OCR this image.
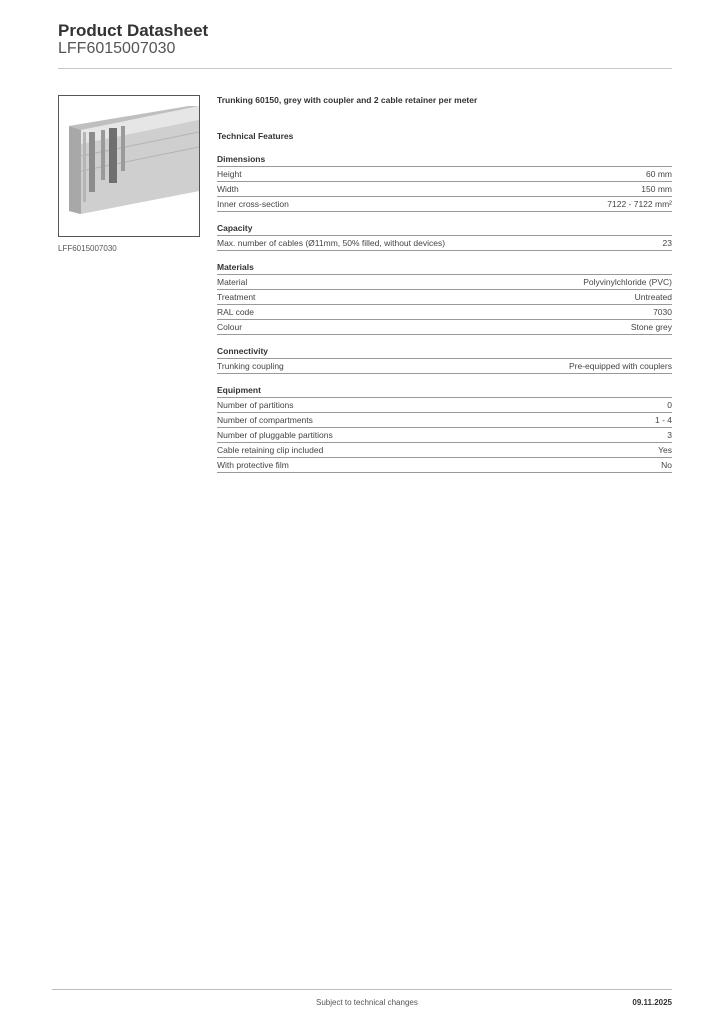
Product Datasheet
LFF6015007030
LFF6015007030

Trunking 60150, grey with coupler and 2 cable retainer per meter

Technical Features

Dimensions
Height	60 mm
Width	150 mm
Inner cross-section	7122 - 7122 mm²
Capacity
Max. number of cables (Ø11mm, 50% filled, without devices)	23
Materials
Material	Polyvinylchloride (PVC)
Treatment	Untreated
RAL code	7030
Colour	Stone grey
Connectivity
Trunking coupling	Pre-equipped with couplers
Equipment
Number of partitions	0
Number of compartments	1 - 4
Number of pluggable partitions	3
Cable retaining clip included	Yes
With protective film	No
Subject to technical changes	09.11.2025
